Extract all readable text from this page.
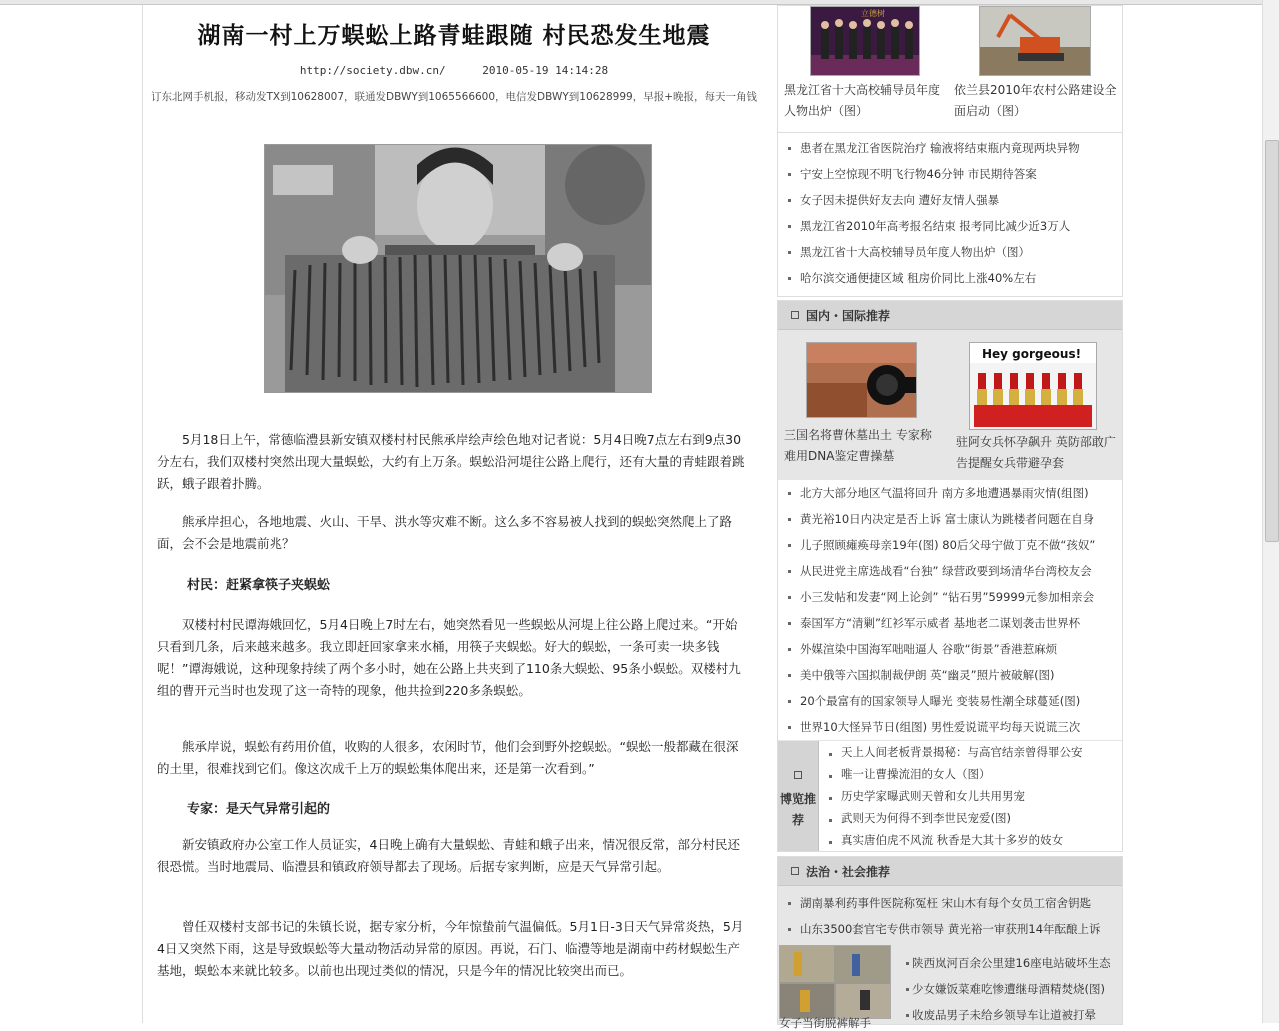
湖南一村上万蜈蚣上路青蛙跟随 村民恐发生地震
http://society.dbw.cn/	2010-05-19 14:14:28
订东北网手机报，移动发TX到10628007，联通发DBWY到1065566600，电信发DBWY到10628999，早报+晚报，每天一角钱

5月18日上午，常德临澧县新安镇双楼村村民熊承岸绘声绘色地对记者说：5月4日晚7点左右到9点30分左右，我们双楼村突然出现大量蜈蚣，大约有上万条。蜈蚣沿河堤往公路上爬行，还有大量的青蛙跟着跳跃，蛾子跟着扑腾。

熊承岸担心，各地地震、火山、干旱、洪水等灾难不断。这么多不容易被人找到的蜈蚣突然爬上了路面，会不会是地震前兆？

村民：赶紧拿筷子夹蜈蚣

双楼村村民谭海娥回忆，5月4日晚上7时左右，她突然看见一些蜈蚣从河堤上往公路上爬过来。“开始只看到几条，后来越来越多。我立即赶回家拿来水桶，用筷子夹蜈蚣。好大的蜈蚣，一条可卖一块多钱呢！”谭海娥说，这种现象持续了两个多小时，她在公路上共夹到了110条大蜈蚣、95条小蜈蚣。双楼村九组的曹开元当时也发现了这一奇特的现象，他共捡到220多条蜈蚣。

熊承岸说，蜈蚣有药用价值，收购的人很多，农闲时节，他们会到野外挖蜈蚣。“蜈蚣一般都藏在很深的土里，很难找到它们。像这次成千上万的蜈蚣集体爬出来，还是第一次看到。”

专家：是天气异常引起的

新安镇政府办公室工作人员证实，4日晚上确有大量蜈蚣、青蛙和蛾子出来，情况很反常，部分村民还很恐慌。当时地震局、临澧县和镇政府领导都去了现场。后据专家判断，应是天气异常引起。

曾任双楼村支部书记的朱镇长说，据专家分析，今年惊蛰前气温偏低。5月1日-3日天气异常炎热，5月4日又突然下雨，这是导致蜈蚣等大量动物活动异常的原因。再说，石门、临澧等地是湖南中药材蜈蚣生产基地，蜈蚣本来就比较多。以前也出现过类似的情况，只是今年的情况比较突出而已。

立德树
黑龙江省十大高校辅导员年度人物出炉（图）
依兰县2010年农村公路建设全面启动（图）
患者在黑龙江省医院治疗 输液将结束瓶内竟现两块异物
宁安上空惊现不明飞行物46分钟 市民期待答案
女子因未提供好友去向 遭好友情人强暴
黑龙江省2010年高考报名结束 报考同比减少近3万人
黑龙江省十大高校辅导员年度人物出炉（图）
哈尔滨交通便捷区域 租房价同比上涨40%左右
国内・国际推荐
Hey gorgeous!
三国名将曹休墓出土 专家称难用DNA鉴定曹操墓
驻阿女兵怀孕飙升 英防部敢广告提醒女兵带避孕套
北方大部分地区气温将回升 南方多地遭遇暴雨灾情(组图)
黄光裕10日内决定是否上诉 富士康认为跳楼者问题在自身
儿子照顾瘫痪母亲19年(图) 80后父母宁做丁克不做“孩奴”
从民进党主席选战看“台独” 绿营政要到场清华台湾校友会
小三发帖和发妻“网上论剑” “钻石男”59999元参加相亲会
泰国军方“清剿”红衫军示威者 基地老二谋划袭击世界杯
外媒渲染中国海军咄咄逼人 谷歌“街景”香港惹麻烦
美中俄等六国拟制裁伊朗 英“幽灵”照片被破解(图)
20个最富有的国家领导人曝光 变装易性潮全球蔓延(图)
世界10大怪异节日(组图) 男性爱说谎平均每天说谎三次
博览推荐
天上人间老板背景揭秘：与高官结亲曾得罪公安
唯一让曹操流泪的女人（图）
历史学家曝武则天曾和女儿共用男宠
武则天为何得不到李世民宠爱(图)
真实唐伯虎不风流 秋香是大其十多岁的妓女
法治・社会推荐
湖南暴利药事件医院称冤枉 宋山木有每个女员工宿舍钥匙
山东3500套官宅专供市领导 黄光裕一审获刑14年酝酿上诉
女子当街脱裤解手
陕西岚河百余公里建16座电站破坏生态
少女嫌饭菜难吃惨遭继母酒精焚烧(图)
收废品男子未给乡领导车让道被打晕
